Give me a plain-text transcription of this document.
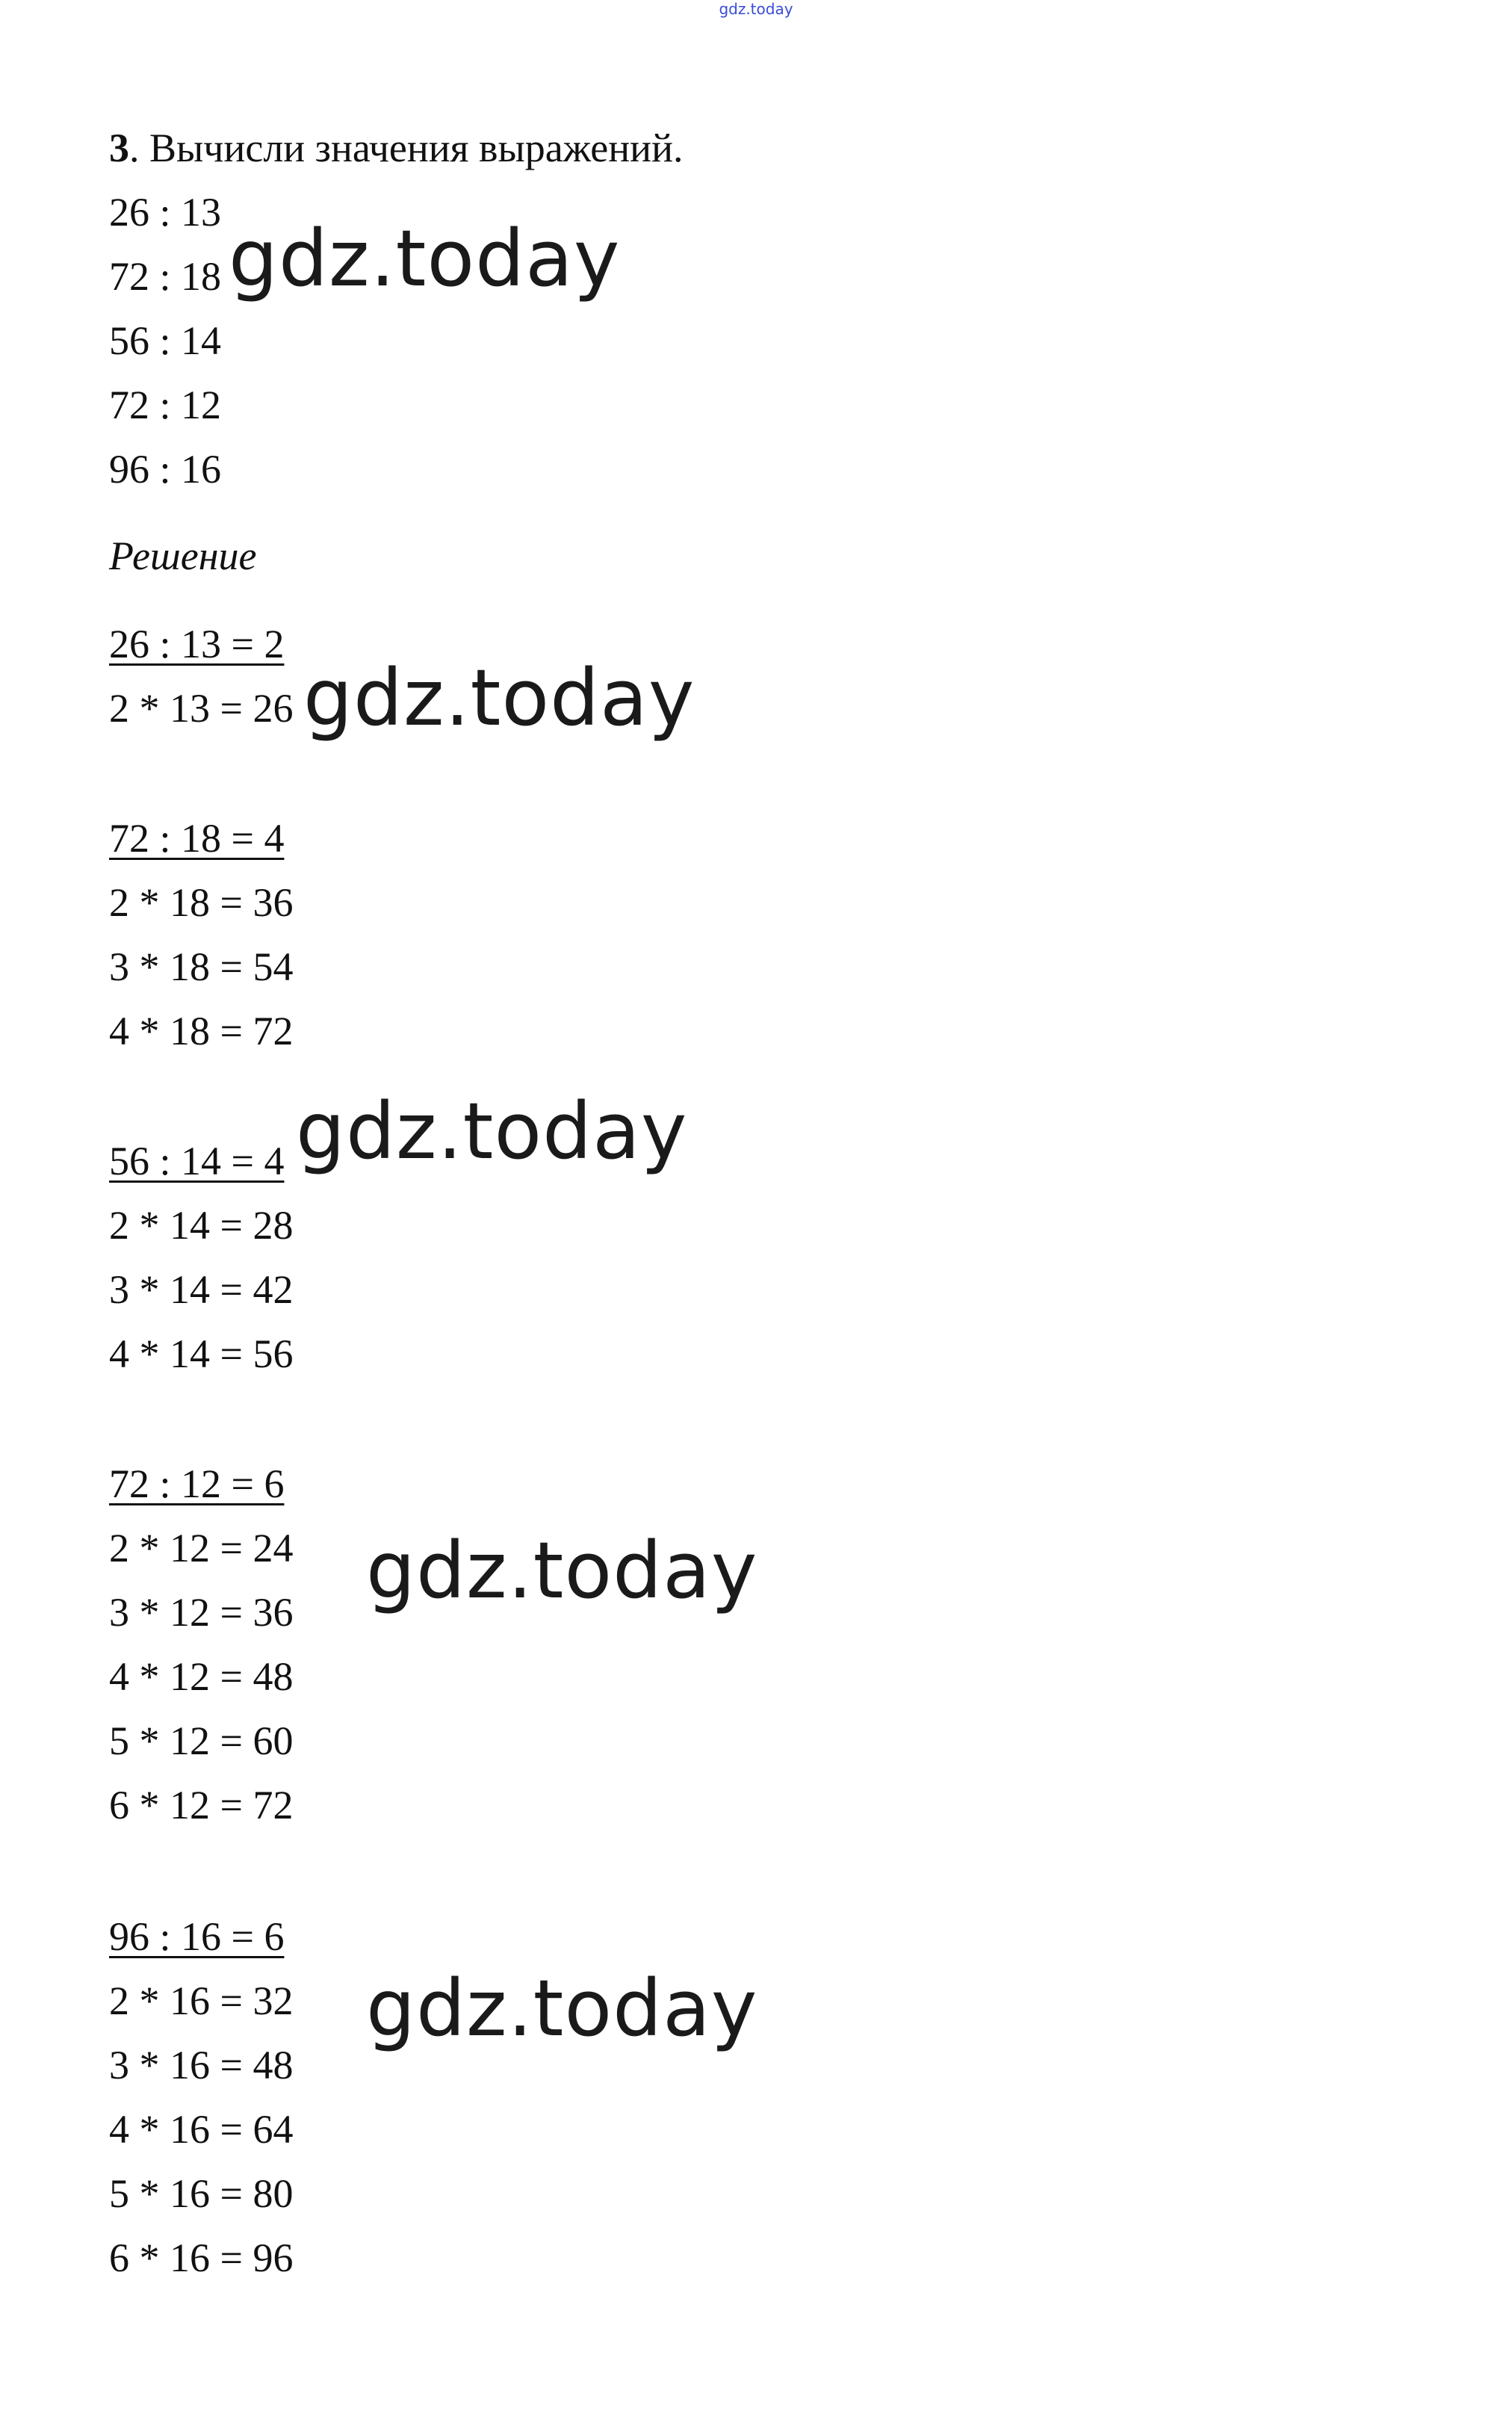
gdz.today
3. Вычисли значения выражений.
26 : 13
72 : 18
56 : 14
72 : 12
96 : 16
Решение
26 : 13 = 2
2 * 13 = 26
72 : 18 = 4
2 * 18 = 36
3 * 18 = 54
4 * 18 = 72
56 : 14 = 4
2 * 14 = 28
3 * 14 = 42
4 * 14 = 56
72 : 12 = 6
2 * 12 = 24
3 * 12 = 36
4 * 12 = 48
5 * 12 = 60
6 * 12 = 72
96 : 16 = 6
2 * 16 = 32
3 * 16 = 48
4 * 16 = 64
5 * 16 = 80
6 * 16 = 96
gdz.today
gdz.today
gdz.today
gdz.today
gdz.today
